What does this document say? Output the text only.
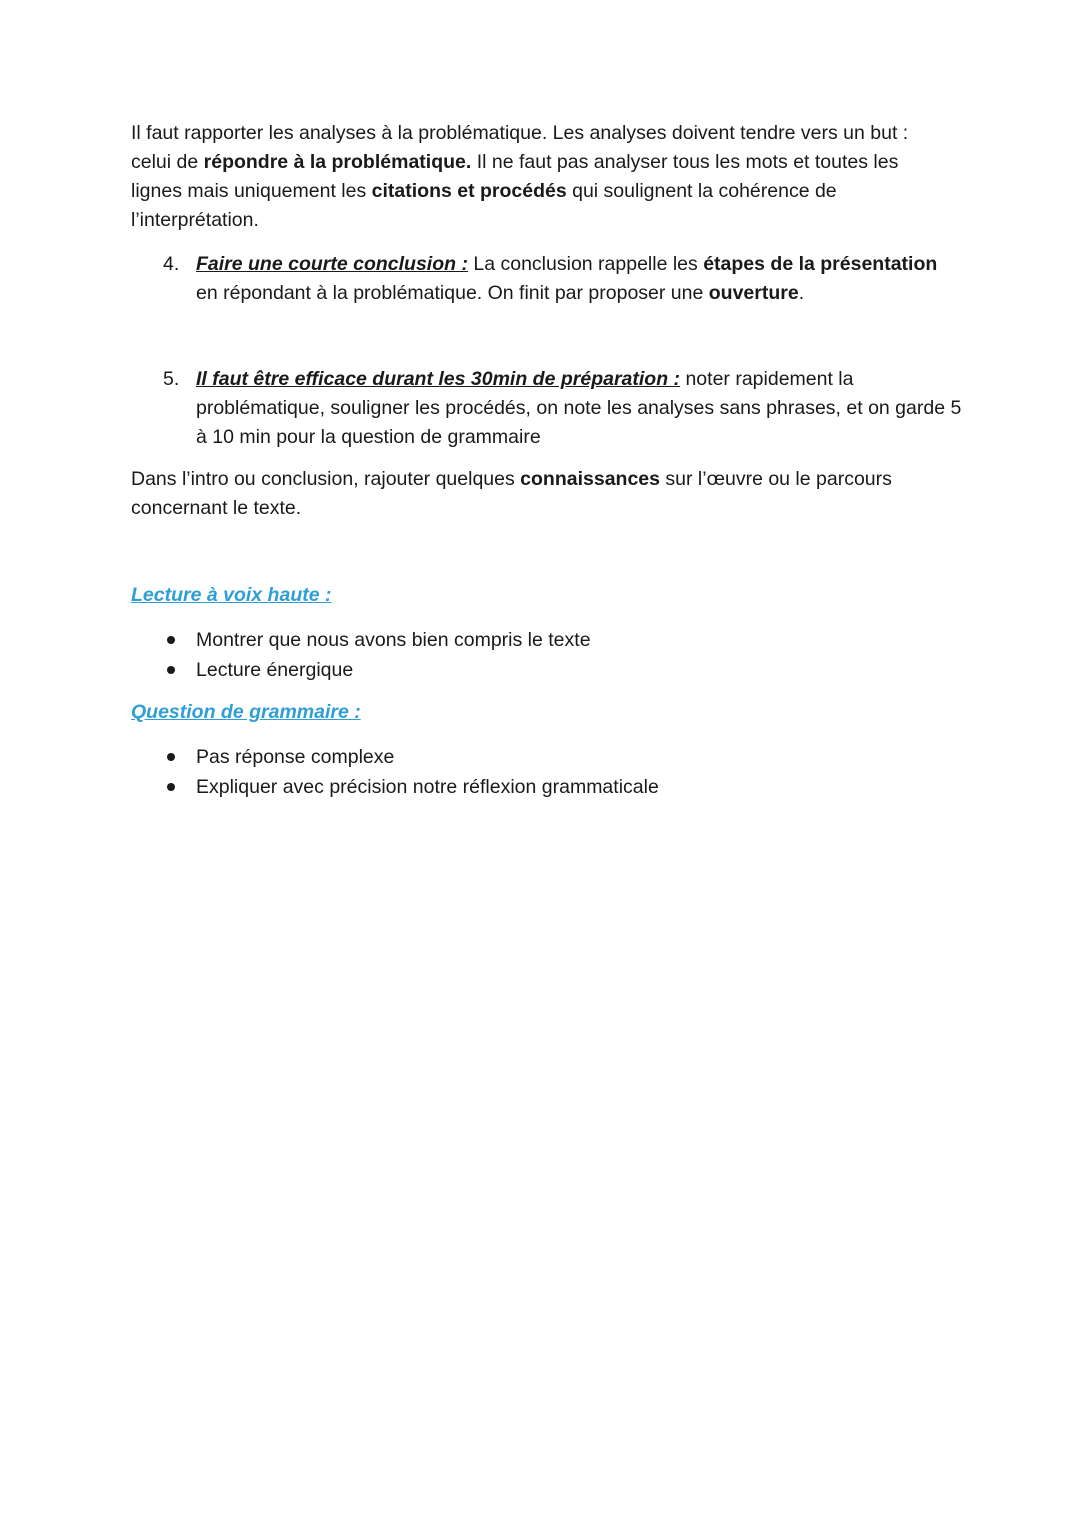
Il faut rapporter les analyses à la problématique. Les analyses doivent tendre vers un but : celui de répondre à la problématique. Il ne faut pas analyser tous les mots et toutes les lignes mais uniquement les citations et procédés qui soulignent la cohérence de l’interprétation.
4. Faire une courte conclusion : La conclusion rappelle les étapes de la présentation en répondant à la problématique. On finit par proposer une ouverture.
5. Il faut être efficace durant les 30min de préparation : noter rapidement la problématique, souligner les procédés, on note les analyses sans phrases, et on garde 5 à 10 min pour la question de grammaire
Dans l’intro ou conclusion, rajouter quelques connaissances sur l’œuvre ou le parcours concernant le texte.
Lecture à voix haute :
Montrer que nous avons bien compris le texte
Lecture énergique
Question de grammaire :
Pas réponse complexe
Expliquer avec précision notre réflexion grammaticale
